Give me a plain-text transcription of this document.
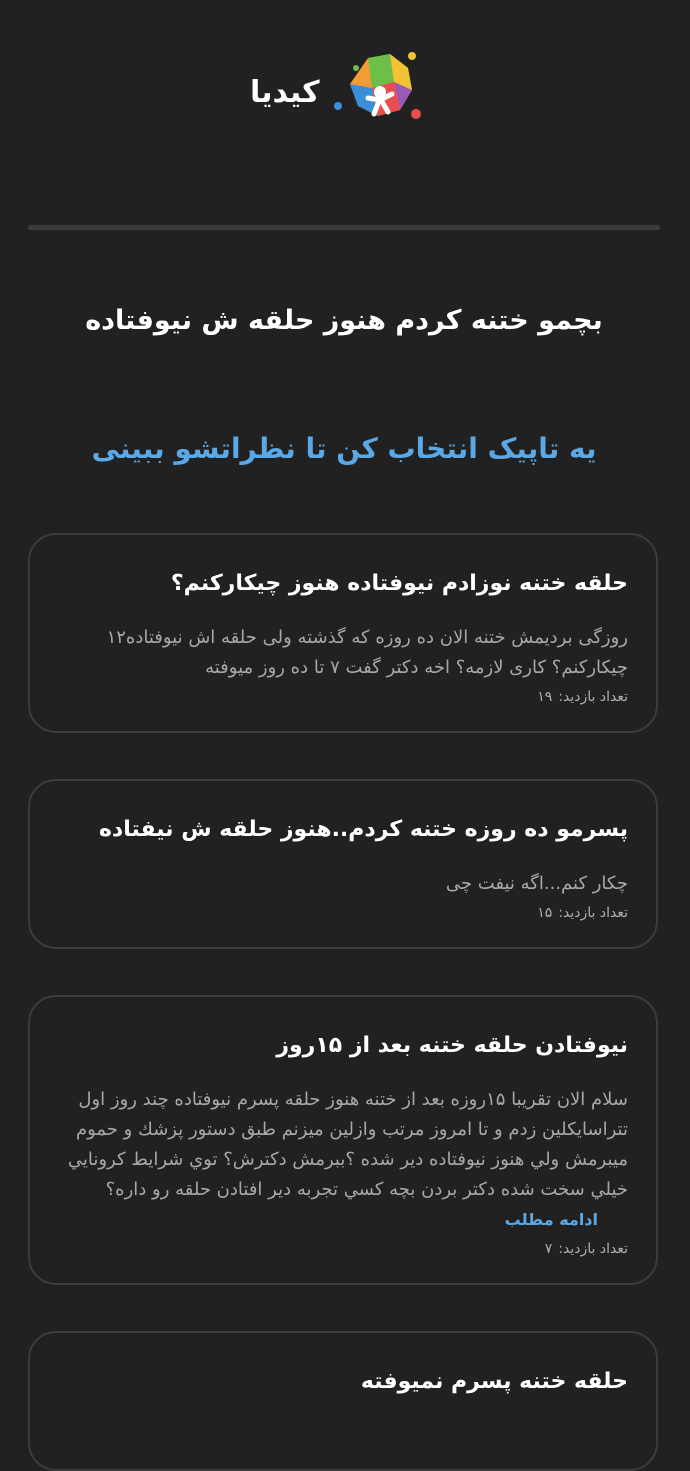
کیدیا
بچمو ختنه کردم هنوز حلقه ش نیوفتاده
یه تاپیک انتخاب کن تا نظراتشو ببینی
حلقه ختنه نوزادم نیوفتاده هنوز چیکارکنم؟
روزگی بردیمش ختنه الان ده روزه که گذشته ولی حلقه اش نیوفتاده۱۲ چیکارکنم؟ کاری لازمه؟ اخه دکتر گفت ۷ تا ده روز میوفته
تعداد بازدید:۱۹
پسرمو ده روزه ختنه کردم..هنوز حلقه ش نیفتاده
چکار کنم...اگه نیفت چی
تعداد بازدید:۱۵
نیوفتادن حلقه ختنه بعد از ۱۵روز
سلام الان تقریبا ۱۵روزه بعد از ختنه هنوز حلقه پسرم نیوفتاده چند روز اول تتراسایکلین زدم و تا امروز مرتب وازلین میزنم طبق دستور پزشك و حموم میبرمش ولي هنوز نیوفتاده دیر شده ؟ببرمش دكترش؟ توي شرايط كرونايي خيلي سخت شده دكتر بردن بچه كسي تجربه دير افتادن حلقه رو داره؟ادامه مطلب
تعداد بازدید:۷
حلقه ختنه پسرم نمیوفته
